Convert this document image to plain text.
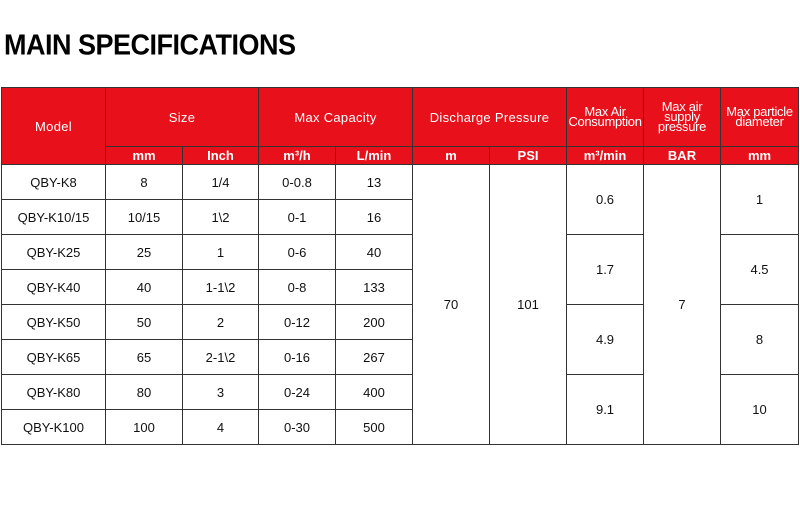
MAIN SPECIFICATIONS
Model	Size		Max Capacity		Discharge Pressure		Max Air Consumption	Max air supply pressure	Max particle diameter
	mm	Inch	m³/h	L/min	m	PSI	m³/min	BAR	mm
QBY-K8	8	1/4	0-0.8	13	70	101	0.6	7	1
QBY-K10/15	10/15	1\2	0-1	16					
QBY-K25	25	1	0-6	40			1.7		4.5
QBY-K40	40	1-1\2	0-8	133					
QBY-K50	50	2	0-12	200			4.9		8
QBY-K65	65	2-1\2	0-16	267					
QBY-K80	80	3	0-24	400			9.1		10
QBY-K100	100	4	0-30	500					
